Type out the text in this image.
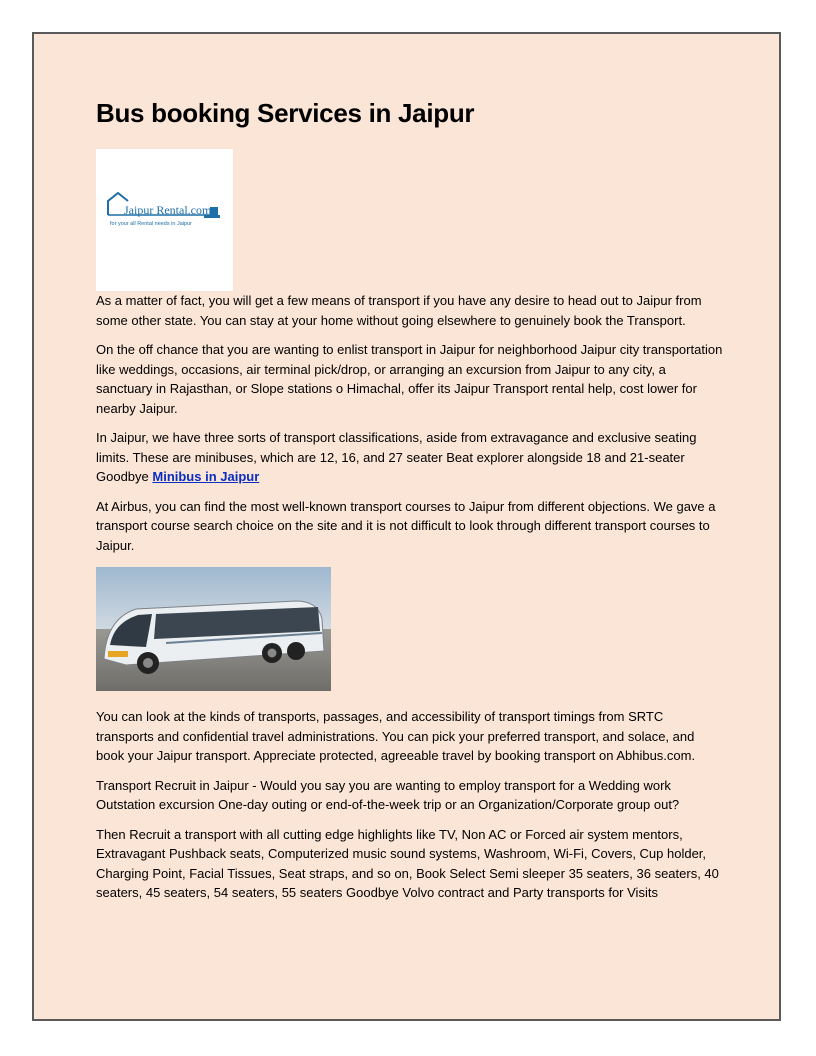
Bus booking Services in Jaipur
Jaipur Rental.com
for your all Rental needs in Jaipur

As a matter of fact, you will get a few means of transport if you have any desire to head out to Jaipur from some other state. You can stay at your home without going elsewhere to genuinely book the Transport.

On the off chance that you are wanting to enlist transport in Jaipur for neighborhood Jaipur city transportation like weddings, occasions, air terminal pick/drop, or arranging an excursion from Jaipur to any city, a sanctuary in Rajasthan, or Slope stations o Himachal, offer its Jaipur Transport rental help, cost lower for nearby Jaipur.

In Jaipur, we have three sorts of transport classifications, aside from extravagance and exclusive seating limits. These are minibuses, which are 12, 16, and 27 seater Beat explorer alongside 18 and 21-seater Goodbye Minibus in Jaipur

At Airbus, you can find the most well-known transport courses to Jaipur from different objections. We gave a transport course search choice on the site and it is not difficult to look through different transport courses to Jaipur.

You can look at the kinds of transports, passages, and accessibility of transport timings from SRTC transports and confidential travel administrations. You can pick your preferred transport, and solace, and book your Jaipur transport. Appreciate protected, agreeable travel by booking transport on Abhibus.com.

Transport Recruit in Jaipur - Would you say you are wanting to employ transport for a Wedding work Outstation excursion One-day outing or end-of-the-week trip or an Organization/Corporate group out?

Then Recruit a transport with all cutting edge highlights like TV, Non AC or Forced air system mentors, Extravagant Pushback seats, Computerized music sound systems, Washroom, Wi-Fi, Covers, Cup holder, Charging Point, Facial Tissues, Seat straps, and so on, Book Select Semi sleeper 35 seaters, 36 seaters, 40 seaters, 45 seaters, 54 seaters, 55 seaters Goodbye Volvo contract and Party transports for Visits
